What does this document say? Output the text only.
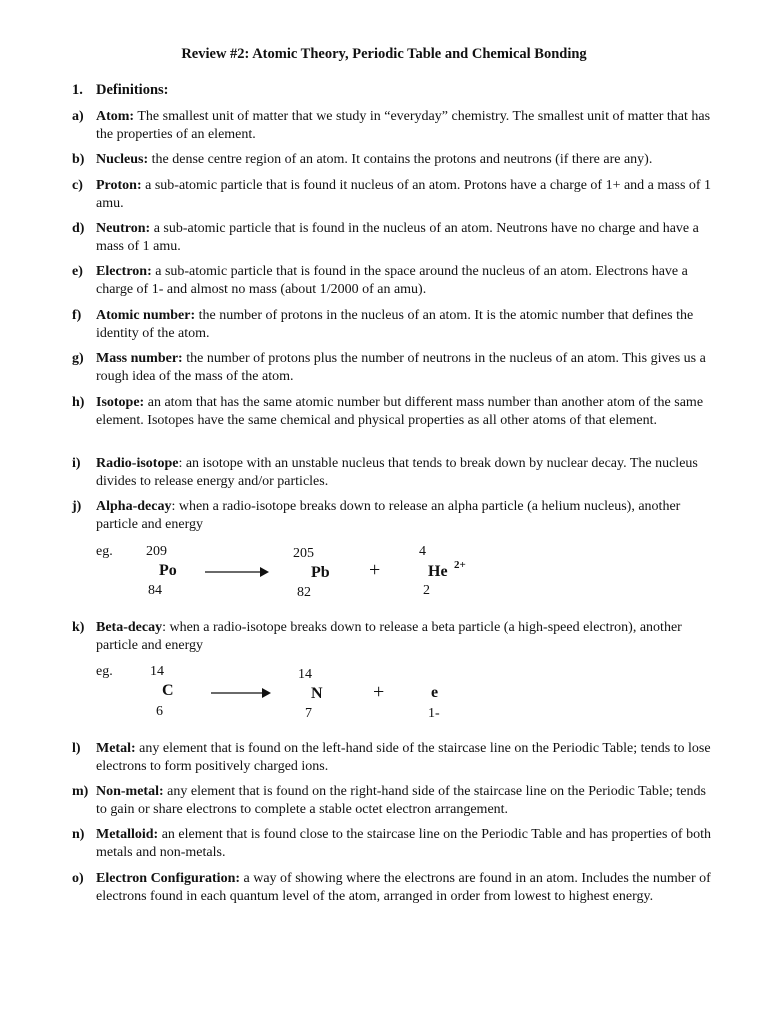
Review #2: Atomic Theory, Periodic Table and Chemical Bonding
1. Definitions:
a) Atom: The smallest unit of matter that we study in “everyday” chemistry. The smallest unit of matter that has the properties of an element.
b) Nucleus: the dense centre region of an atom. It contains the protons and neutrons (if there are any).
c) Proton: a sub-atomic particle that is found it nucleus of an atom. Protons have a charge of 1+ and a mass of 1 amu.
d) Neutron: a sub-atomic particle that is found in the nucleus of an atom. Neutrons have no charge and have a mass of 1 amu.
e) Electron: a sub-atomic particle that is found in the space around the nucleus of an atom. Electrons have a charge of 1- and almost no mass (about 1/2000 of an amu).
f)	Atomic number: the number of protons in the nucleus of an atom. It is the atomic number that defines the identity of the atom.
g) Mass number: the number of protons plus the number of neutrons in the nucleus of an atom. This gives us a rough idea of the mass of the atom.
h) Isotope: an atom that has the same atomic number but different mass number than another atom of the same element. Isotopes have the same chemical and physical properties as all other atoms of that element.
i)	Radio-isotope: an isotope with an unstable nucleus that tends to break down by nuclear decay. The nucleus divides to release energy and/or particles.
j)	Alpha-decay: when a radio-isotope breaks down to release an alpha particle (a helium nucleus), another particle and energy
eg. 209
Po
84
205
Pb
82
+
4
He 2+
2
k) Beta-decay: when a radio-isotope breaks down to release a beta particle (a high-speed electron), another particle and energy
eg.	14
C
6
14
N
7
+	e
1-
l)	Metal: any element that is found on the left-hand side of the staircase line on the Periodic Table; tends to lose electrons to form positively charged ions.
m) Non-metal: any element that is found on the right-hand side of the staircase line on the Periodic Table; tends to gain or share electrons to complete a stable octet electron arrangement.
n) Metalloid: an element that is found close to the staircase line on the Periodic Table and has properties of both metals and non-metals.
o) Electron Configuration: a way of showing where the electrons are found in an atom. Includes the number of electrons found in each quantum level of the atom, arranged in order from lowest to highest energy.
